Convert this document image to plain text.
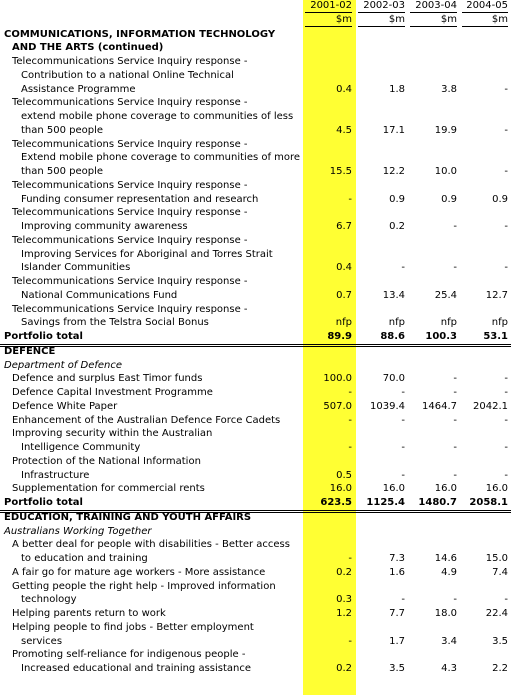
2001-02	2002-03	2003-04 2004-05
$m	$m	$m	$m
COMMUNICATIONS, INFORMATION TECHNOLOGY
AND THE ARTS (continued)
Telecommunications Service Inquiry response -
Contribution to a national Online Technical
Assistance Programme	0.4	1.8	3.8	-
Telecommunications Service Inquiry response -
extend mobile phone coverage to communities of less
than 500 people	4.5	17.1	19.9	-
Telecommunications Service Inquiry response -
Extend mobile phone coverage to communities of more
than 500 people	15.5	12.2	10.0	-
Telecommunications Service Inquiry response -
Funding consumer representation and research	-	0.9	0.9	0.9
Telecommunications Service Inquiry response -
Improving community awareness	6.7	0.2	-	-
Telecommunications Service Inquiry response -
Improving Services for Aboriginal and Torres Strait
Islander Communities	0.4	-	-	-
Telecommunications Service Inquiry response -
National Communications Fund	0.7	13.4	25.4	12.7
Telecommunications Service Inquiry response -
Savings from the Telstra Social Bonus	nfp	nfp	nfp	nfp
Portfolio total	89.9	88.6	100.3	53.1
DEFENCE
Department of Defence
Defence and surplus East Timor funds	100.0	70.0	-	-
Defence Capital Investment Programme	-	-	-	-
Defence White Paper	507.0	1039.4	1464.7	2042.1
Enhancement of the Australian Defence Force Cadets	-	-	-	-
Improving security within the Australian
Intelligence Community	-	-	-	-
Protection of the National Information
Infrastructure	0.5	-	-	-
Supplementation for commercial rents	16.0	16.0	16.0	16.0
Portfolio total	623.5	1125.4	1480.7	2058.1
EDUCATION, TRAINING AND YOUTH AFFAIRS
Australians Working Together
A better deal for people with disabilities - Better access
to education and training	-	7.3	14.6	15.0
A fair go for mature age workers - More assistance	0.2	1.6	4.9	7.4
Getting people the right help - Improved information
technology	0.3	-	-	-
Helping parents return to work	1.2	7.7	18.0	22.4
Helping people to find jobs - Better employment
services	-	1.7	3.4	3.5
Promoting self-reliance for indigenous people -
Increased educational and training assistance	0.2	3.5	4.3	2.2
